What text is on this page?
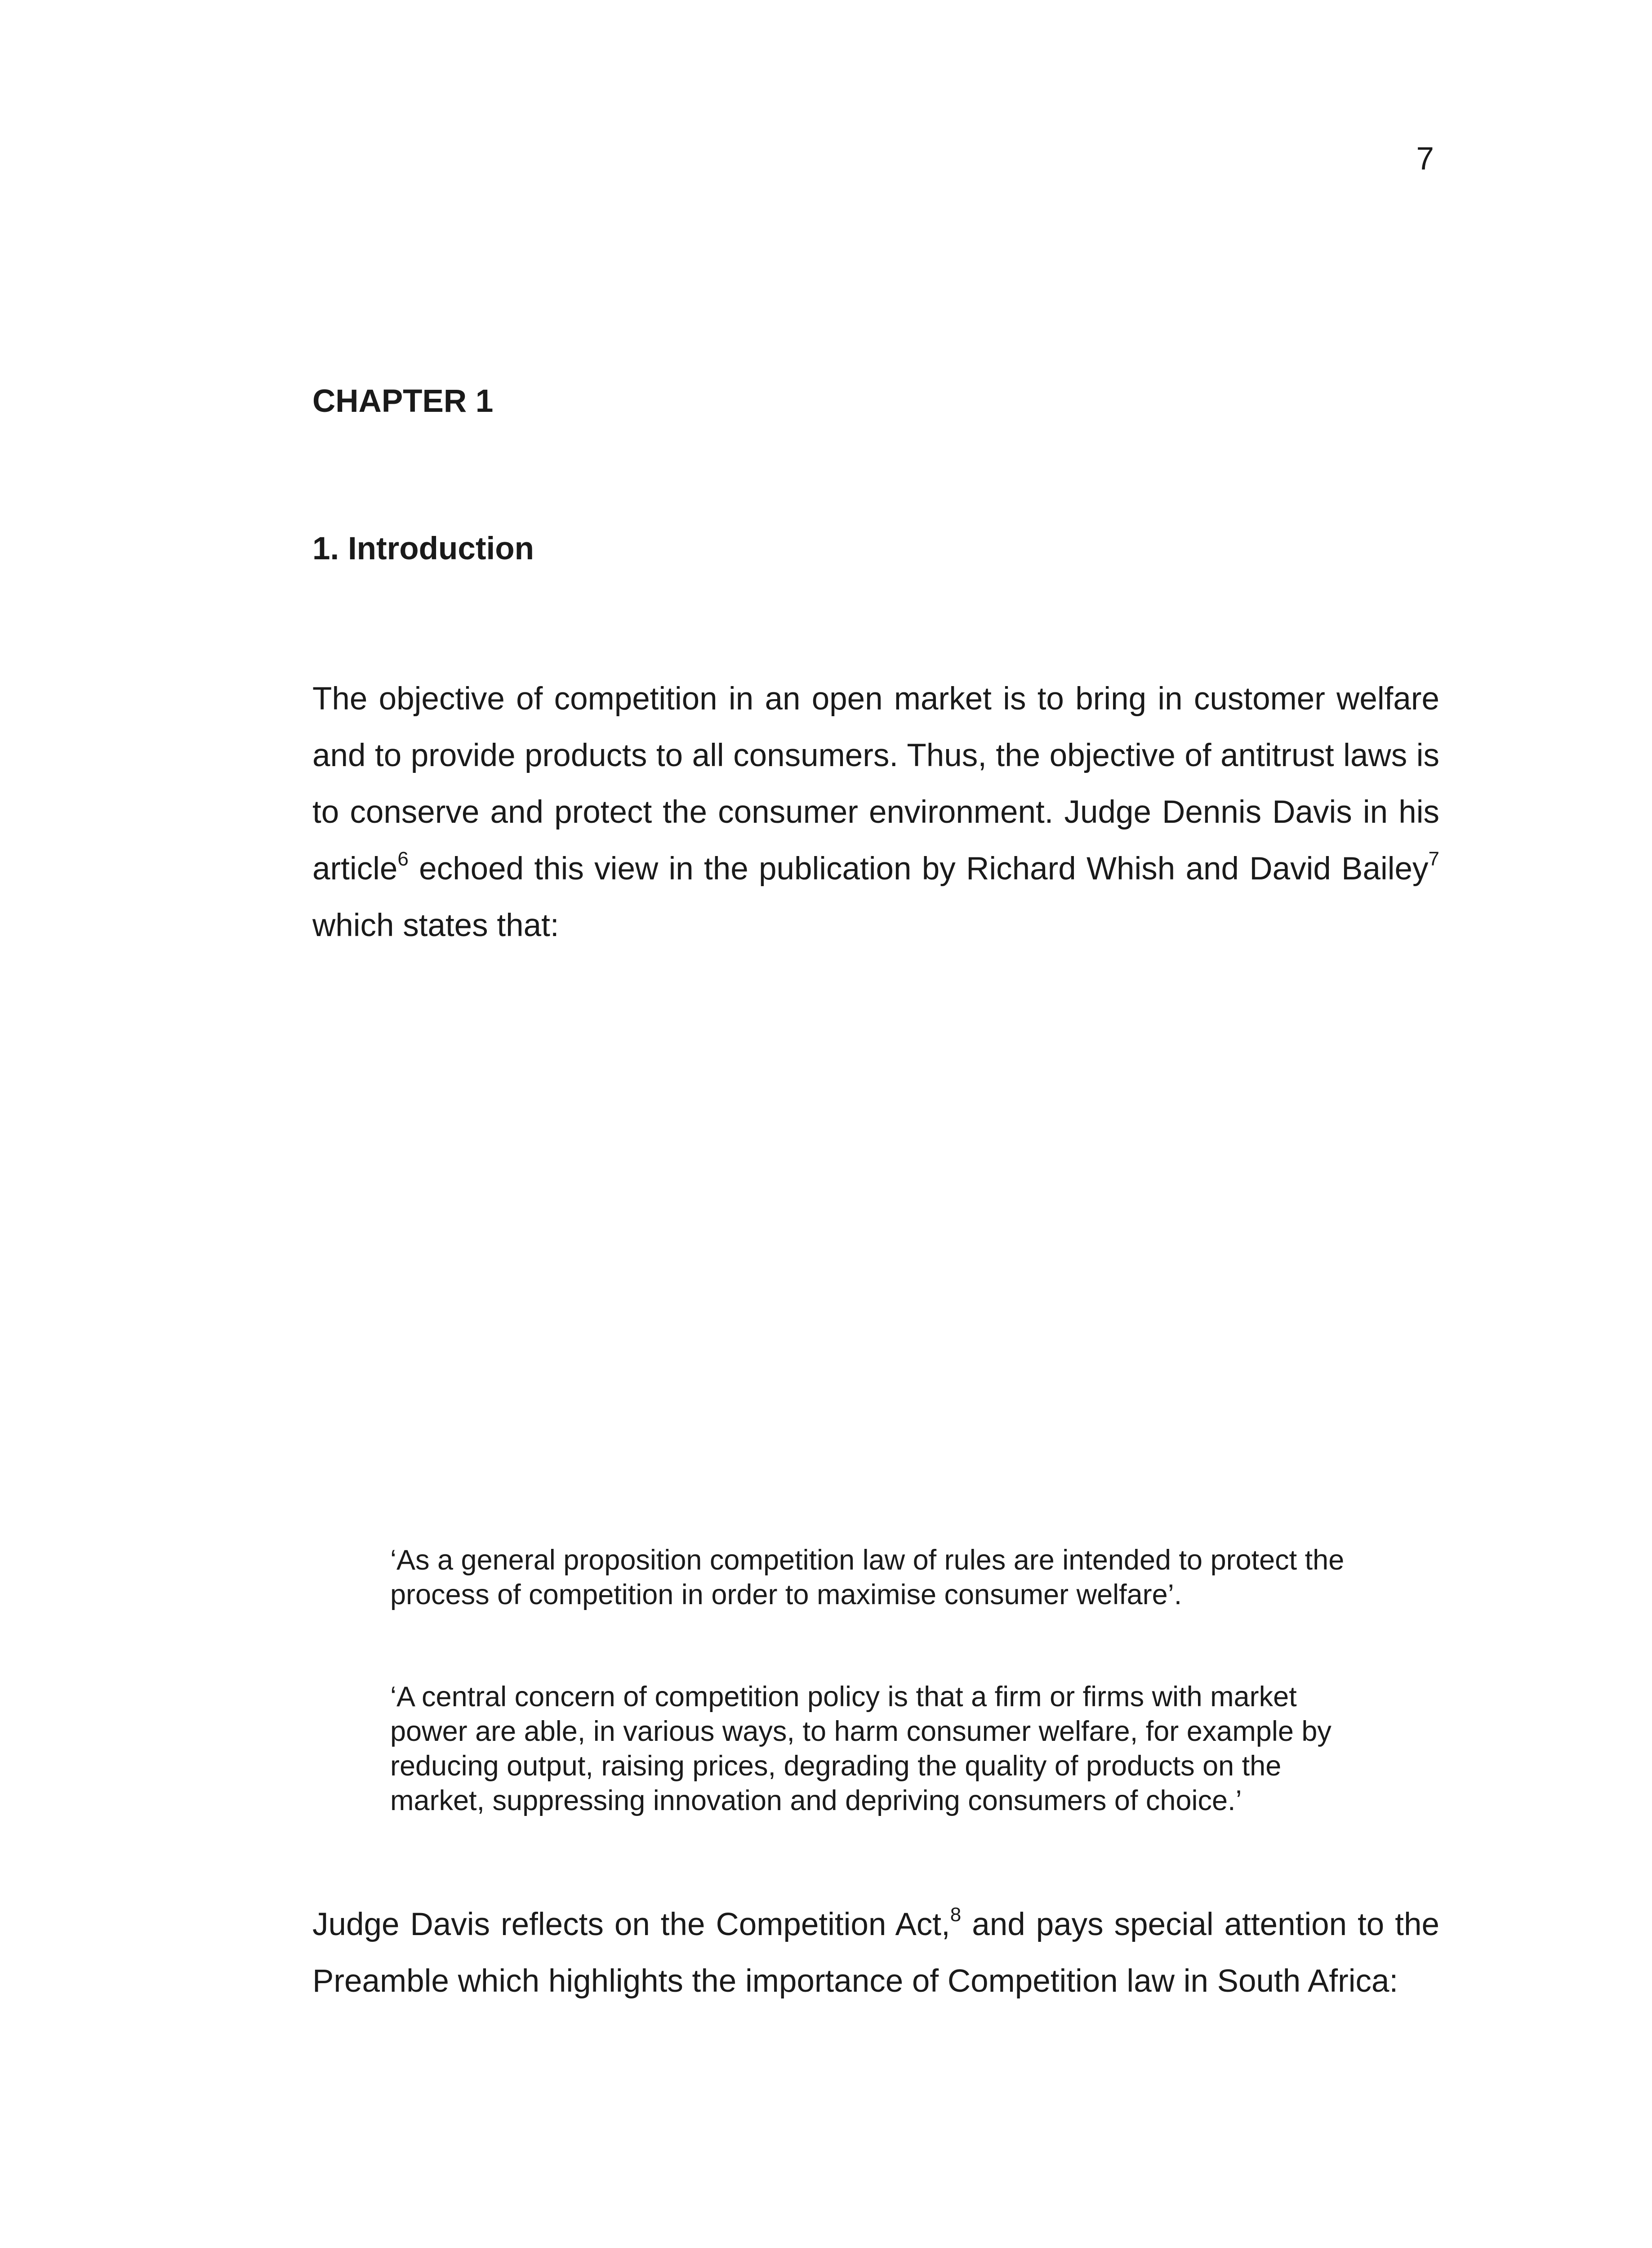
7
CHAPTER 1
1. Introduction

The objective of competition in an open market is to bring in customer welfare and to provide products to all consumers. Thus, the objective of antitrust laws is to conserve and protect the consumer environment. Judge Dennis Davis in his article$^6$ echoed this view in the publication by Richard Whish and David Bailey$^7$ which states that:

‘As a general proposition competition law of rules are intended to protect the process of competition in order to maximise consumer welfare’.
‘A central concern of competition policy is that a firm or firms with market power are able, in various ways, to harm consumer welfare, for example by reducing output, raising prices, degrading the quality of products on the market, suppressing innovation and depriving consumers of choice.’

Judge Davis reflects on the Competition Act,$^8$ and pays special attention to the Preamble which highlights the importance of Competition law in South Africa:
